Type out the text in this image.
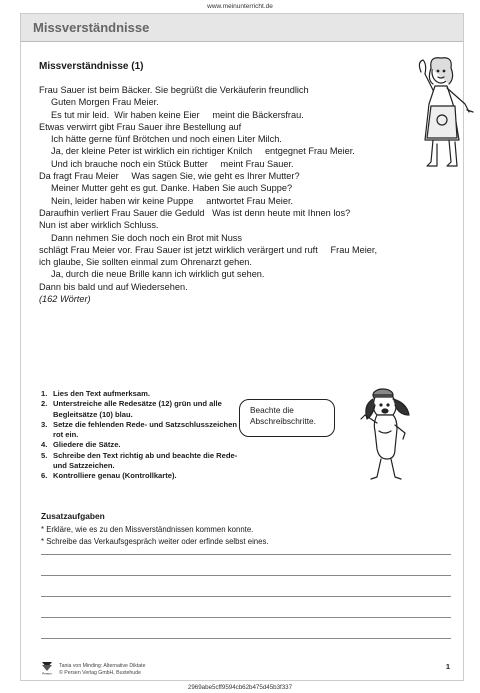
www.meinunterricht.de
Missverständnisse
Missverständnisse (1)
Frau Sauer ist beim Bäcker. Sie begrüßt die Verkäuferin freundlich
Guten Morgen Frau Meier.
Es tut mir leid.  Wir haben keine Eier     meint die Bäckersfrau.
Etwas verwirrt gibt Frau Sauer ihre Bestellung auf
Ich hätte gerne fünf Brötchen und noch einen Liter Milch.
Ja, der kleine Peter ist wirklich ein richtiger Knilch     entgegnet Frau Meier.
Und ich brauche noch ein Stück Butter     meint Frau Sauer.
Da fragt Frau Meier     Was sagen Sie, wie geht es Ihrer Mutter?
Meiner Mutter geht es gut. Danke. Haben Sie auch Suppe?
Nein, leider haben wir keine Puppe     antwortet Frau Meier.
Daraufhin verliert Frau Sauer die Geduld   Was ist denn heute mit Ihnen los?
Nun ist aber wirklich Schluss.
Dann nehmen Sie doch noch ein Brot mit Nuss
schlägt Frau Meier vor. Frau Sauer ist jetzt wirklich verärgert und ruft     Frau Meier,
ich glaube, Sie sollten einmal zum Ohrenarzt gehen.
Ja, durch die neue Brille kann ich wirklich gut sehen.
Dann bis bald und auf Wiedersehen.
(162 Wörter)
1. Lies den Text aufmerksam.
2. Unterstreiche alle Redesätze (12) grün und alle Begleitsätze (10) blau.
3. Setze die fehlenden Rede- und Satzschlusszeichen rot ein.
4. Gliedere die Sätze.
5. Schreibe den Text richtig ab und beachte die Rede- und Satzzeichen.
6. Kontrolliere genau (Kontrollkarte).
Beachte die
Abschreibschritte.
Zusatzaufgaben
* Erkläre, wie es zu den Missverständnissen kommen konnte.
* Schreibe das Verkaufsgespräch weiter oder erfinde selbst eines.
Persen
Tania von Minding: Alternative Diktate
© Persen Verlag GmbH, Buxtehude
1
2969abe5cff9594cb62b475d45b3f337
